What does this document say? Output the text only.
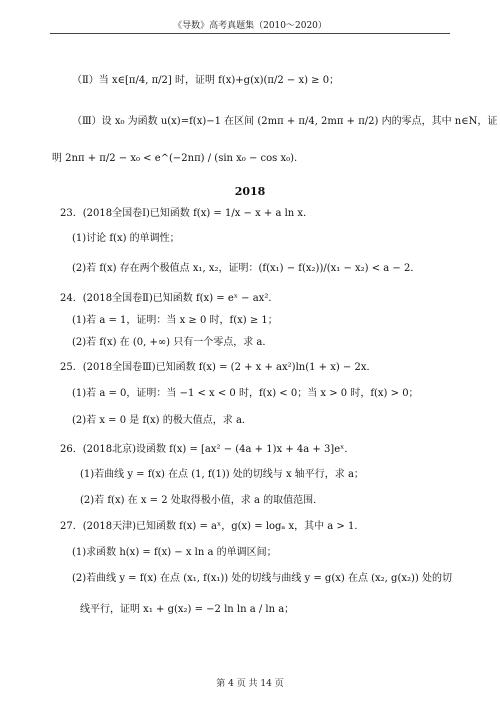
《导数》高考真题集（2010～2020）
（Ⅱ）当 x∈[π/4, π/2] 时，证明 f(x)+g(x)(π/2 − x) ≥ 0；
（Ⅲ）设 x₀ 为函数 u(x)=f(x)−1 在区间 (2mπ + π/4, 2mπ + π/2) 内的零点，其中 n∈N，证
明 2nπ + π/2 − x₀ < e^(−2nπ) / (sin x₀ − cos x₀).
2018
23．(2018全国卷Ⅰ)已知函数 f(x) = 1/x − x + a ln x．
(1)讨论 f(x) 的单调性；
(2)若 f(x) 存在两个极值点 x₁, x₂，证明：(f(x₁) − f(x₂))/(x₁ − x₂) < a − 2．
24．(2018全国卷Ⅱ)已知函数 f(x) = eˣ − ax²．
(1)若 a = 1，证明：当 x ≥ 0 时，f(x) ≥ 1；
(2)若 f(x) 在 (0, +∞) 只有一个零点，求 a．
25．(2018全国卷Ⅲ)已知函数 f(x) = (2 + x + ax²)ln(1 + x) − 2x．
(1)若 a = 0，证明：当 −1 < x < 0 时，f(x) < 0；当 x > 0 时，f(x) > 0；
(2)若 x = 0 是 f(x) 的极大值点，求 a．
26．(2018北京)设函数 f(x) = [ax² − (4a + 1)x + 4a + 3]eˣ．
(1)若曲线 y = f(x) 在点 (1, f(1)) 处的切线与 x 轴平行，求 a；
(2)若 f(x) 在 x = 2 处取得极小值，求 a 的取值范围．
27．(2018天津)已知函数 f(x) = aˣ，g(x) = logₐ x，其中 a > 1．
(1)求函数 h(x) = f(x) − x ln a 的单调区间；
(2)若曲线 y = f(x) 在点 (x₁, f(x₁)) 处的切线与曲线 y = g(x) 在点 (x₂, g(x₂)) 处的切
线平行，证明 x₁ + g(x₂) = −2 ln ln a / ln a；
第 4 页 共 14 页
